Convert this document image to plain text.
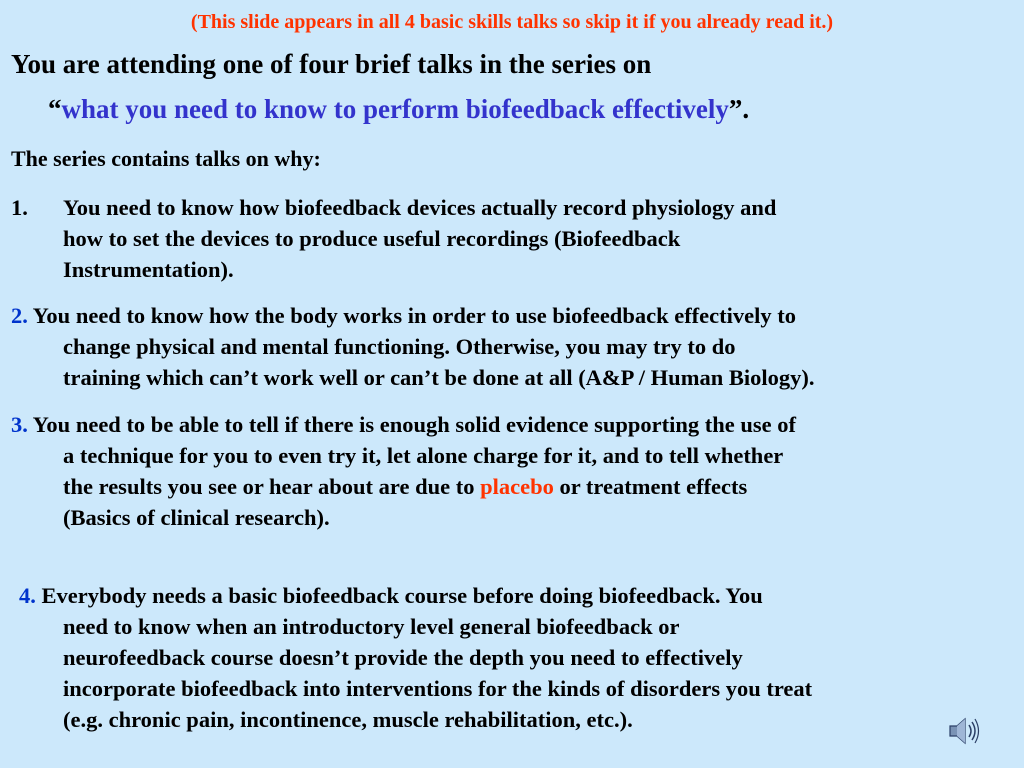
(This slide appears in all 4 basic skills talks so skip it if you already read it.)
You are attending one of four brief talks in the series on
“what you need to know to perform biofeedback effectively”.
The series contains talks on why:
1. You need to know how biofeedback devices actually record physiology and
how to set the devices to produce useful recordings (Biofeedback
Instrumentation).
2. You need to know how the body works in order to use biofeedback effectively to
change physical and mental functioning. Otherwise, you may try to do
training which can’t work well or can’t be done at all (A&P / Human Biology).
3. You need to be able to tell if there is enough solid evidence supporting the use of
a technique for you to even try it, let alone charge for it, and to tell whether
the results you see or hear about are due to placebo or treatment effects
(Basics of clinical research).
4. Everybody needs a basic biofeedback course before doing biofeedback. You
need to know when an introductory level general biofeedback or
neurofeedback course doesn’t provide the depth you need to effectively
incorporate biofeedback into interventions for the kinds of disorders you treat
(e.g. chronic pain, incontinence, muscle rehabilitation, etc.).
